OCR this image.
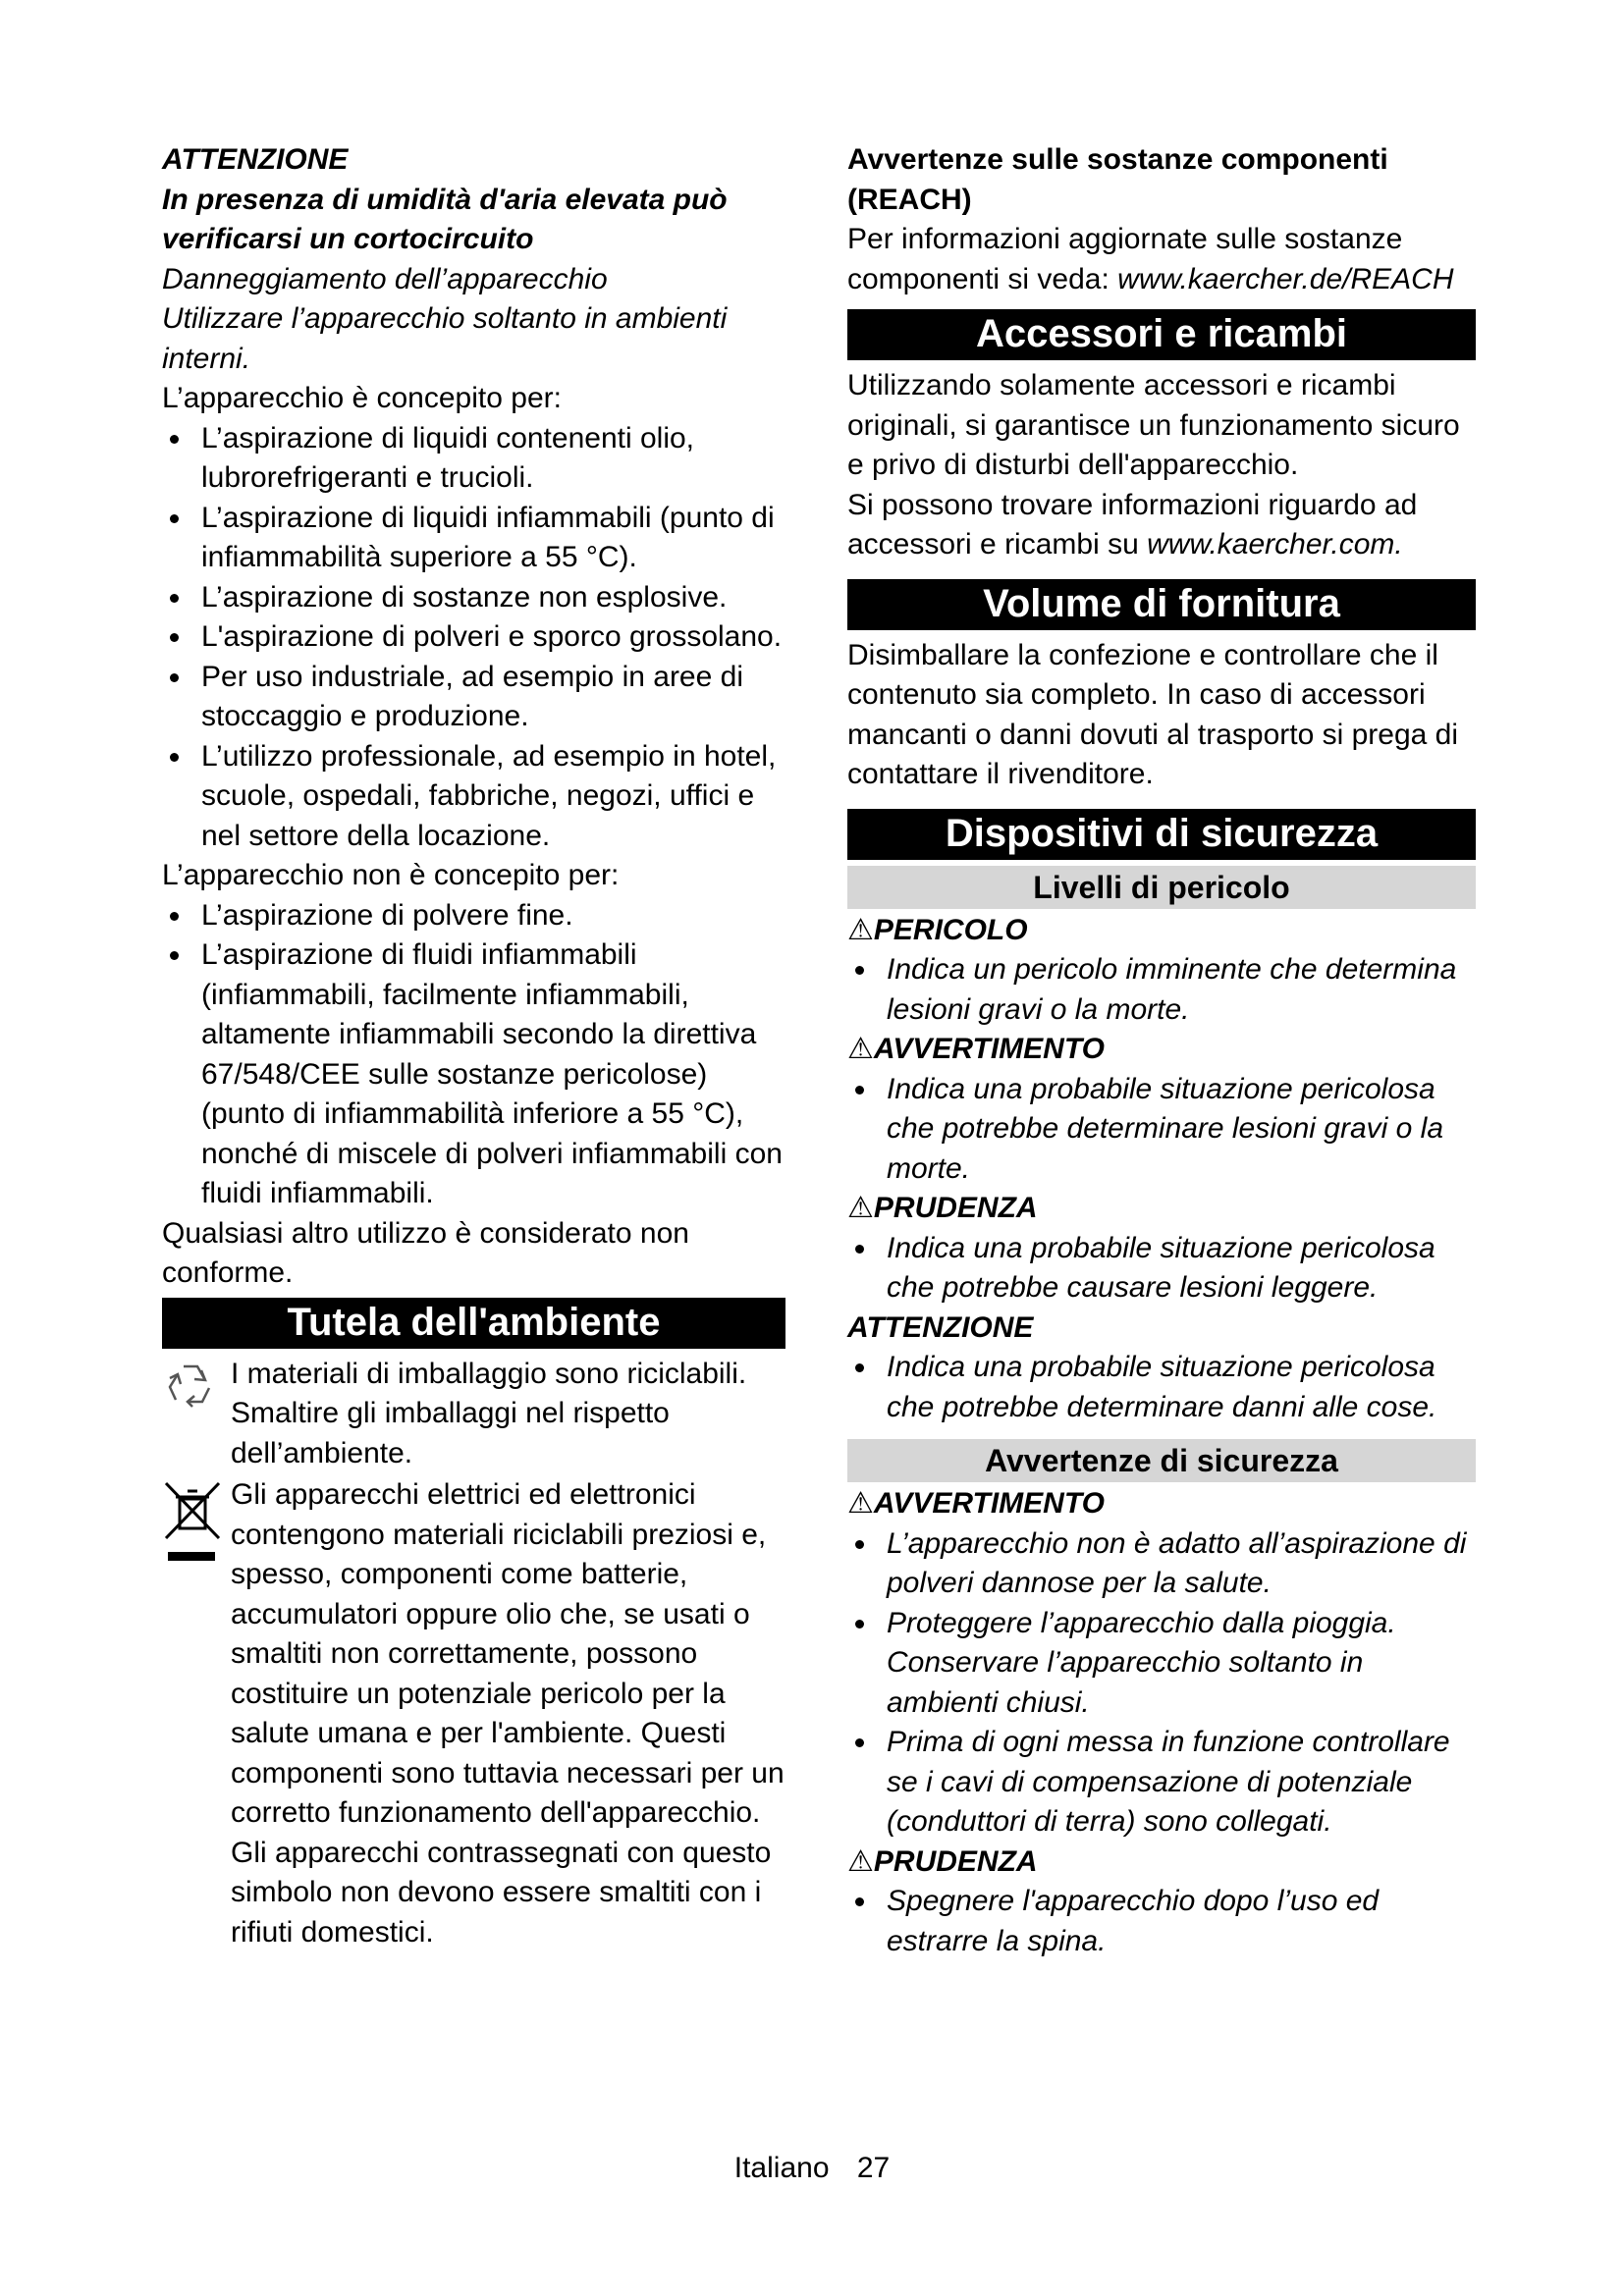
ATTENZIONE

In presenza di umidità d'aria elevata può verificarsi un cortocircuito

Danneggiamento dell’apparecchio

Utilizzare l’apparecchio soltanto in ambienti interni.

L’apparecchio è concepito per:

L’aspirazione di liquidi contenenti olio, lubrorefrigeranti e trucioli.

L’aspirazione di liquidi infiammabili (punto di infiammabilità superiore a 55 °C).

L’aspirazione di sostanze non esplosive.

L'aspirazione di polveri e sporco grossolano.

Per uso industriale, ad esempio in aree di stoccaggio e produzione.

L’utilizzo professionale, ad esempio in hotel, scuole, ospedali, fabbriche, negozi, uffici e nel settore della locazione.

L’apparecchio non è concepito per:

L’aspirazione di polvere fine.

L’aspirazione di fluidi infiammabili (infiammabili, facilmente infiammabili, altamente infiammabili secondo la direttiva 67/548/CEE sulle sostanze pericolose) (punto di infiammabilità inferiore a 55 °C), nonché di miscele di polveri infiammabili con fluidi infiammabili.

Qualsiasi altro utilizzo è considerato non conforme.

Tutela dell'ambiente

I materiali di imballaggio sono riciclabili. Smaltire gli imballaggi nel rispetto dell’ambiente.

Gli apparecchi elettrici ed elettronici contengono materiali riciclabili preziosi e, spesso, componenti come batterie, accumulatori oppure olio che, se usati o smaltiti non correttamente, possono costituire un potenziale pericolo per la salute umana e per l'ambiente. Questi componenti sono tuttavia necessari per un corretto funzionamento dell'apparecchio. Gli apparecchi contrassegnati con questo simbolo non devono essere smaltiti con i rifiuti domestici.

Avvertenze sulle sostanze componenti (REACH)

Per informazioni aggiornate sulle sostanze componenti si veda: www.kaercher.de/REACH

Accessori e ricambi

Utilizzando solamente accessori e ricambi originali, si garantisce un funzionamento sicuro e privo di disturbi dell'apparecchio.

Si possono trovare informazioni riguardo ad accessori e ricambi su www.kaercher.com.

Volume di fornitura

Disimballare la confezione e controllare che il contenuto sia completo. In caso di accessori mancanti o danni dovuti al trasporto si prega di contattare il rivenditore.

Dispositivi di sicurezza
Livelli di pericolo

⚠PERICOLO

Indica un pericolo imminente che determina lesioni gravi o la morte.

⚠AVVERTIMENTO

Indica una probabile situazione pericolosa che potrebbe determinare lesioni gravi o la morte.

⚠PRUDENZA

Indica una probabile situazione pericolosa che potrebbe causare lesioni leggere.

ATTENZIONE

Indica una probabile situazione pericolosa che potrebbe determinare danni alle cose.

Avvertenze di sicurezza

⚠AVVERTIMENTO

L’apparecchio non è adatto all’aspirazione di polveri dannose per la salute.

Proteggere l’apparecchio dalla pioggia. Conservare l’apparecchio soltanto in ambienti chiusi.

Prima di ogni messa in funzione controllare se i cavi di compensazione di potenziale (conduttori di terra) sono collegati.

⚠PRUDENZA

Spegnere l'apparecchio dopo l’uso ed estrarre la spina.

Italiano 27
